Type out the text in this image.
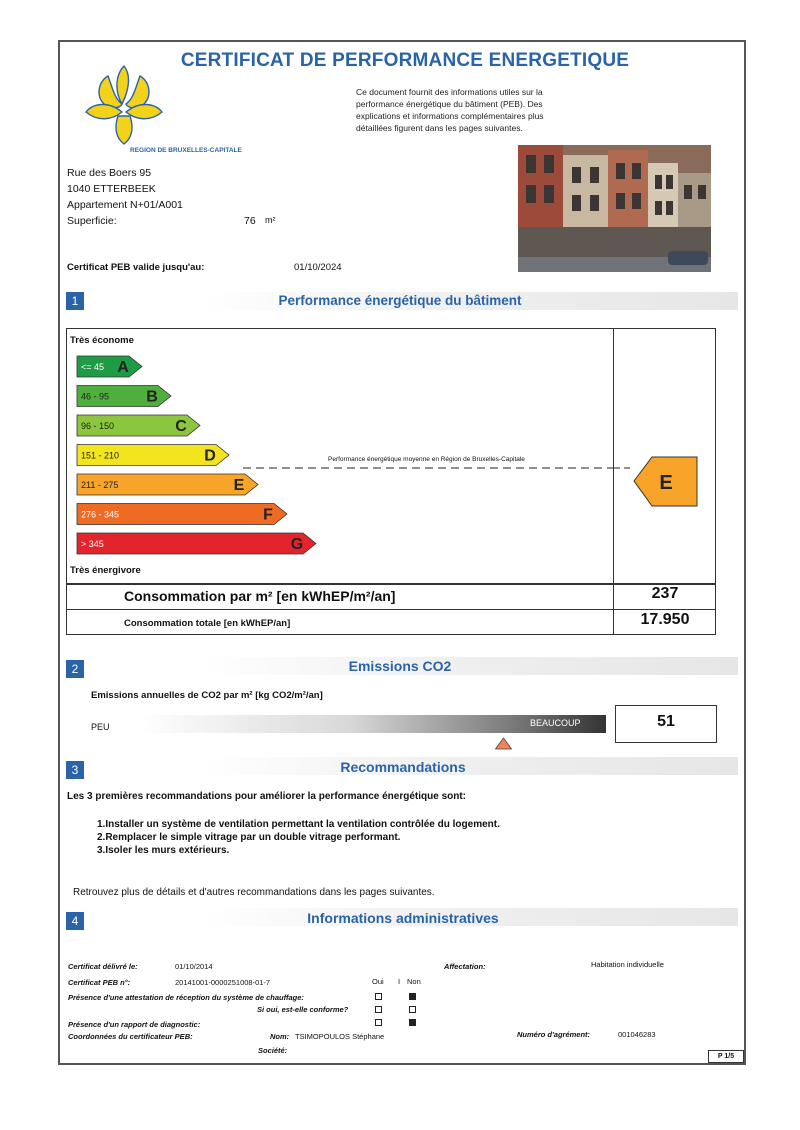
REGION DE BRUXELLES-CAPITALE
CERTIFICAT DE PERFORMANCE ENERGETIQUE
Ce document fournit des informations utiles sur la
performance énergétique du bâtiment (PEB). Des
explications et informations complémentaires plus
détaillées figurent dans les pages suivantes.
Rue des Boers 95
1040 ETTERBEEK
Appartement N+01/A001
Superficie:	76 m²
Certificat PEB valide jusqu'au:	01/10/2024
1	Performance énergétique du bâtiment
Très économe
Très énergivore
<= 45 A
46 - 95 B
96 - 150	C
151 - 210	D
211 - 275	E
276 - 345	F
> 345	G
E
Performance énergétique moyenne en Région de Bruxelles-Capitale
Consommation par m² [en kWhEP/m²/an]	237
Consommation totale [en kWhEP/an]	17.950
2	Emissions CO2
Emissions annuelles de CO2 par m² [kg CO2/m²/an]
PEU	BEAUCOUP	51
3	Recommandations
Les 3 premières recommandations pour améliorer la performance énergétique sont:
1.Installer un système de ventilation permettant la ventilation contrôlée du logement.
2.Remplacer le simple vitrage par un double vitrage performant.
3.Isoler les murs extérieurs.
Retrouvez plus de détails et d'autres recommandations dans les pages suivantes.
4	Informations administratives
Certificat délivré le:	01/10/2014
Certificat PEB n°:	20141001-0000251008-01-7	Oui I Non
Présence d'une attestation de réception du système de chauffage:
Si oui, est-elle conforme?
Présence d'un rapport de diagnostic:
Coordonnées du certificateur PEB:	Nom: TSIMOPOULOS Stéphane
Société:
Affectation:	Habitation individuelle
Numéro d'agrément:	001046283
P 1/5
